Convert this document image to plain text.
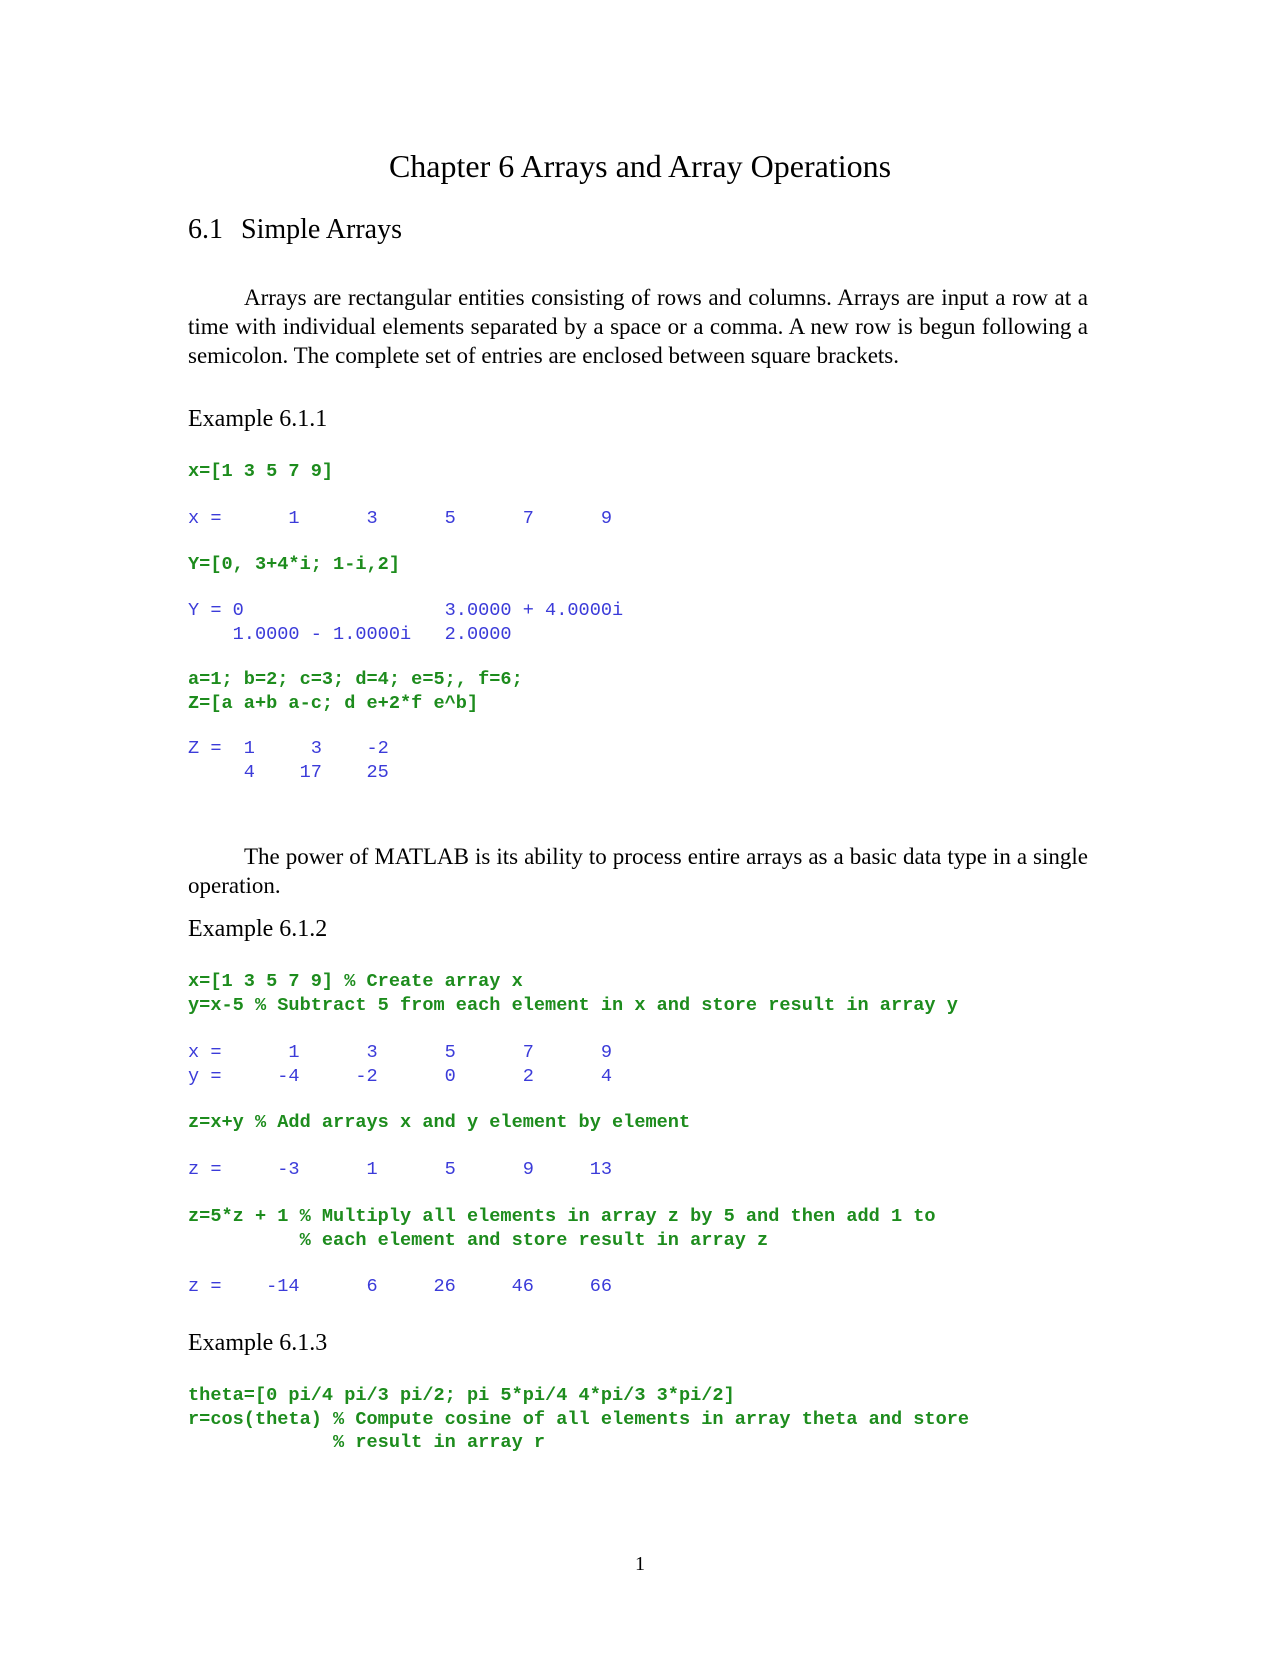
Chapter 6 Arrays and Array Operations
6.1 Simple Arrays

Arrays are rectangular entities consisting of rows and columns. Arrays are input a row at a time with individual elements separated by a space or a comma. A new row is begun following a semicolon. The complete set of entries are enclosed between square brackets.

Example 6.1.1
x=[1 3 5 7 9]
x =      1      3      5      7      9
Y=[0, 3+4*i; 1-i,2]
Y = 0                  3.0000 + 4.0000i
1.0000 - 1.0000i   2.0000
a=1; b=2; c=3; d=4; e=5;, f=6;
Z=[a a+b a-c; d e+2*f e^b]
Z =  1     3    -2
4    17    25

The power of MATLAB is its ability to process entire arrays as a basic data type in a single operation.

Example 6.1.2
x=[1 3 5 7 9] % Create array x
y=x-5 % Subtract 5 from each element in x and store result in array y
x =      1      3      5      7      9
y =     -4     -2      0      2      4
z=x+y % Add arrays x and y element by element
z =     -3      1      5      9     13
z=5*z + 1 % Multiply all elements in array z by 5 and then add 1 to
% each element and store result in array z
z =    -14      6     26     46     66
Example 6.1.3
theta=[0 pi/4 pi/3 pi/2; pi 5*pi/4 4*pi/3 3*pi/2]
r=cos(theta) % Compute cosine of all elements in array theta and store
% result in array r
1
